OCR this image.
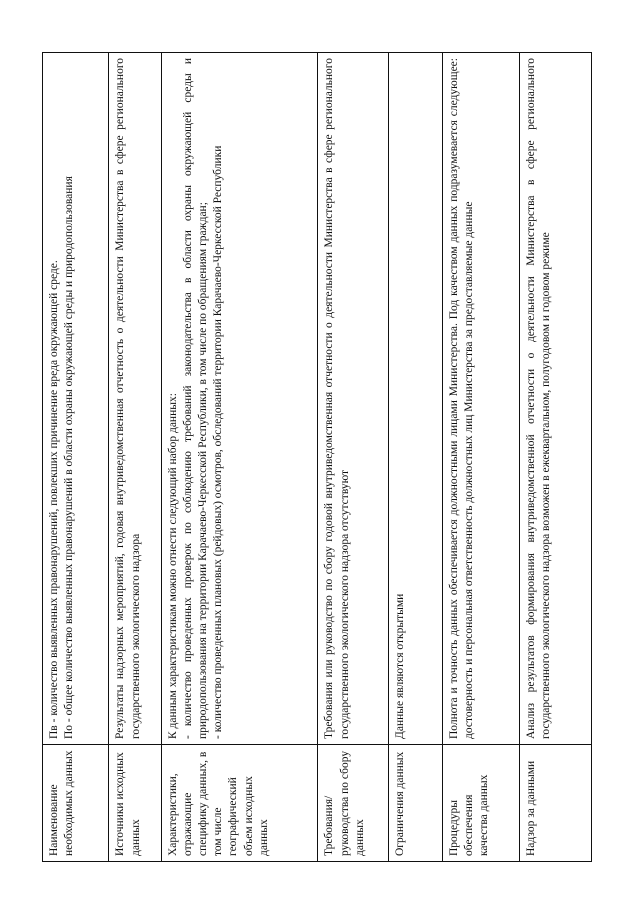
Наименование необходимых данных	Пв - количество выявленных правонарушений, повлекших причинение вреда окружающей среде. По - общее количество выявленных правонарушений в области охраны окружающей среды и природопользования

Источники исходных данных	Результаты надзорных мероприятий, годовая внутриведомственная отчетность о деятельности Министерства в сфере регионального государственного экологического надзора

Характеристики, отражающие специфику данных, в том числе географический объем исходных данных	К данным характеристикам можно отнести следующий набор данных: - количество проведенных проверок по соблюдению требований законодательства в области охраны окружающей среды и природопользования на территории Карачаево-Черкесской Республики, в том числе по обращениям граждан; - количество проведенных плановых (рейдовых) осмотров, обследований территории Карачаево-Черкесской Республики

Требования/руководства по сбору данных	Требования или руководство по сбору годовой внутриведомственная отчетности о деятельности Министерства в сфере регионального государственного экологического надзора отсутствуют

Ограничения данных	Данные являются открытыми

Процедуры обеспечения качества данных	Полнота и точность данных обеспечивается должностными лицами Министерства. Под качеством данных подразумевается следующее: достоверность и персональная ответственность должностных лиц Министерства за предоставляемые данные

Надзор за данными	Анализ результатов формирования внутриведомственной отчетности о деятельности Министерства в сфере регионального государственного экологического надзора возможен в ежеквартальном, полугодовом и годовом режиме
